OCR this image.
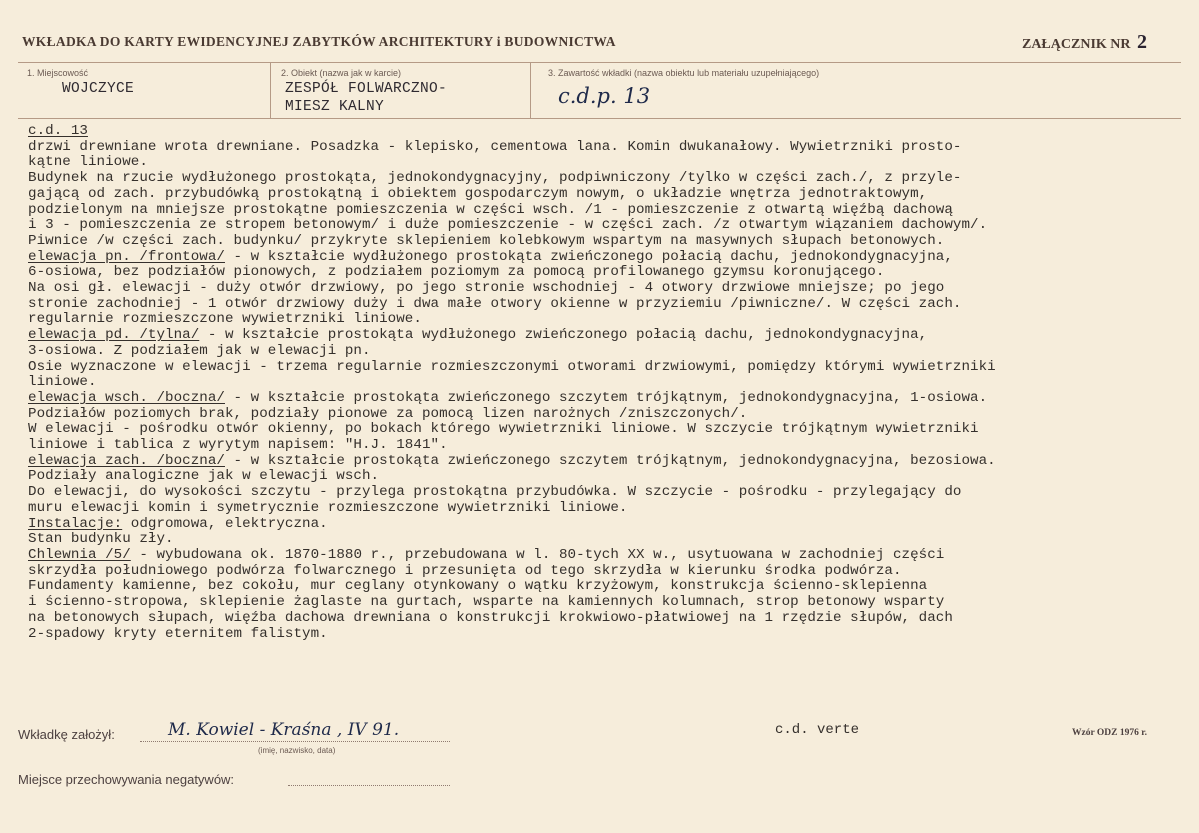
WKŁADKA DO KARTY EWIDENCYJNEJ ZABYTKÓW ARCHITEKTURY i BUDOWNICTWA	ZAŁĄCZNIK NR 2
1. Miejscowość
WOJCZYCE
2. Obiekt (nazwa jak w karcie)
ZESPÓŁ FOLWARCZNO-
MIESZ KALNY
3. Zawartość wkładki (nazwa obiektu lub materiału uzupełniającego)
c.d.p. 13
c.d. 13
drzwi drewniane wrota drewniane. Posadzka - klepisko, cementowa lana. Komin dwukanałowy. Wywietrzniki prosto-
kątne liniowe.
Budynek na rzucie wydłużonego prostokąta, jednokondygnacyjny, podpiwniczony /tylko w części zach./, z przyle-
gającą od zach. przybudówką prostokątną i obiektem gospodarczym nowym, o układzie wnętrza jednotraktowym,
podzielonym na mniejsze prostokątne pomieszczenia w części wsch. /1 - pomieszczenie z otwartą więźbą dachową
i 3 - pomieszczenia ze stropem betonowym/ i duże pomieszczenie - w części zach. /z otwartym wiązaniem dachowym/.
Piwnice /w części zach. budynku/ przykryte sklepieniem kolebkowym wspartym na masywnych słupach betonowych.
elewacja pn. /frontowa/ - w kształcie wydłużonego prostokąta zwieńczonego połacią dachu, jednokondygnacyjna,
6-osiowa, bez podziałów pionowych, z podziałem poziomym za pomocą profilowanego gzymsu koronującego.
Na osi gł. elewacji - duży otwór drzwiowy, po jego stronie wschodniej - 4 otwory drzwiowe mniejsze; po jego
stronie zachodniej - 1 otwór drzwiowy duży i dwa małe otwory okienne w przyziemiu /piwniczne/. W części zach.
regularnie rozmieszczone wywietrzniki liniowe.
elewacja pd. /tylna/ - w kształcie prostokąta wydłużonego zwieńczonego połacią dachu, jednokondygnacyjna,
3-osiowa. Z podziałem jak w elewacji pn.
Osie wyznaczone w elewacji - trzema regularnie rozmieszczonymi otworami drzwiowymi, pomiędzy którymi wywietrzniki
liniowe.
elewacja wsch. /boczna/ - w kształcie prostokąta zwieńczonego szczytem trójkątnym, jednokondygnacyjna, 1-osiowa.
Podziałów poziomych brak, podziały pionowe za pomocą lizen narożnych /zniszczonych/.
W elewacji - pośrodku otwór okienny, po bokach którego wywietrzniki liniowe. W szczycie trójkątnym wywietrzniki
liniowe i tablica z wyrytym napisem: "H.J. 1841".
elewacja zach. /boczna/ - w kształcie prostokąta zwieńczonego szczytem trójkątnym, jednokondygnacyjna, bezosiowa.
Podziały analogiczne jak w elewacji wsch.
Do elewacji, do wysokości szczytu - przylega prostokątna przybudówka. W szczycie - pośrodku - przylegający do
muru elewacji komin i symetrycznie rozmieszczone wywietrzniki liniowe.
Instalacje: odgromowa, elektryczna.
Stan budynku zły.
Chlewnia /5/ - wybudowana ok. 1870-1880 r., przebudowana w l. 80-tych XX w., usytuowana w zachodniej części
skrzydła południowego podwórza folwarcznego i przesunięta od tego skrzydła w kierunku środka podwórza.
Fundamenty kamienne, bez cokołu, mur ceglany otynkowany o wątku krzyżowym, konstrukcja ściennо-sklepienna
i ściennо-stropowa, sklepienie żaglaste na gurtach, wsparte na kamiennych kolumnach, strop betonowy wsparty
na betonowych słupach, więźba dachowa drewniana o konstrukcji krokwiowo-płatwiowej na 1 rzędzie słupów, dach
2-spadowy kryty eternitem falistym.
Wkładkę założył:	M. Kowiel - Kraśna , IV 91.
(imię, nazwisko, data)
c.d. verte	Wzór ODZ 1976 r.
Miejsce przechowywania negatywów:
